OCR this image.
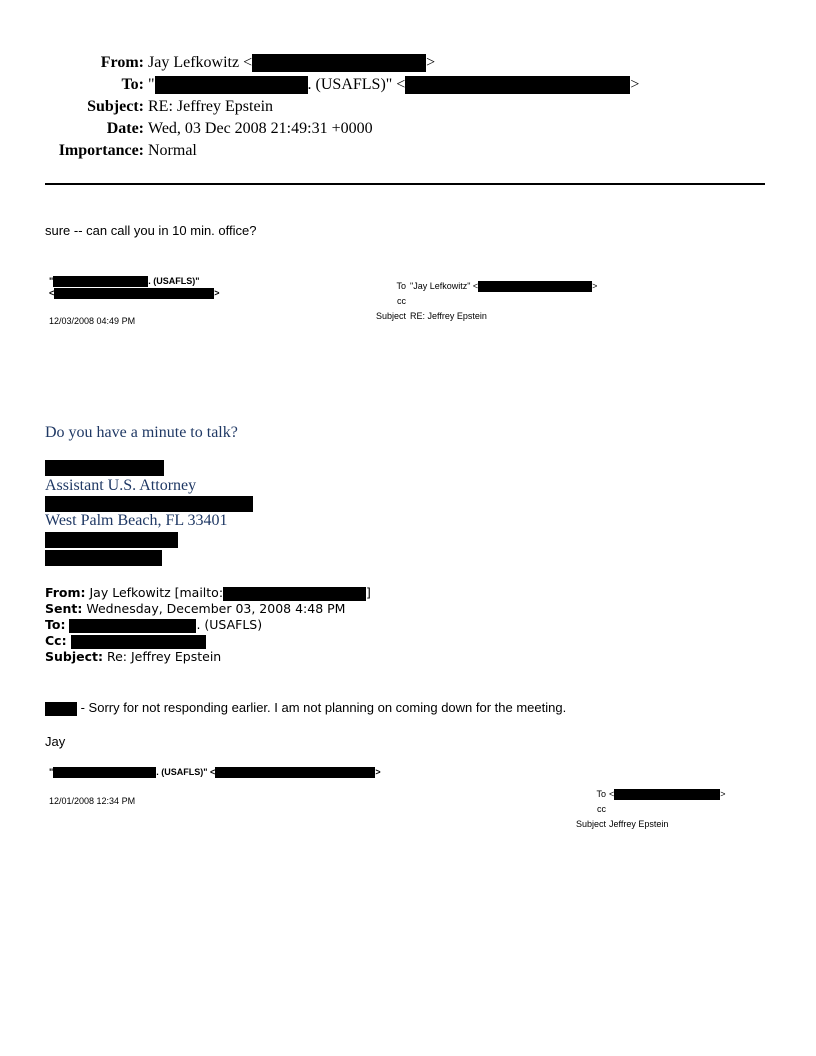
From: Jay Lefkowitz <	>
To: "	. (USAFLS)" <	>
Subject: RE: Jeffrey Epstein
Date: Wed, 03 Dec 2008 21:49:31 +0000
Importance: Normal
sure -- can call you in 10 min. office?
"	. (USAFLS)"
<	>
12/03/2008 04:49 PM
To "Jay Lefkowitz" <	>
cc
Subject RE: Jeffrey Epstein
Do you have a minute to talk?
Assistant U.S. Attorney
West Palm Beach, FL 33401
From: Jay Lefkowitz [mailto:	]
Sent: Wednesday, December 03, 2008 4:48 PM
To:	. (USAFLS)
Cc:
Subject: Re: Jeffrey Epstein
- Sorry for not responding earlier. I am not planning on coming down for the meeting.
Jay
"	. (USAFLS)" <	>
12/01/2008 12:34 PM
To <	>
cc
Subject Jeffrey Epstein
